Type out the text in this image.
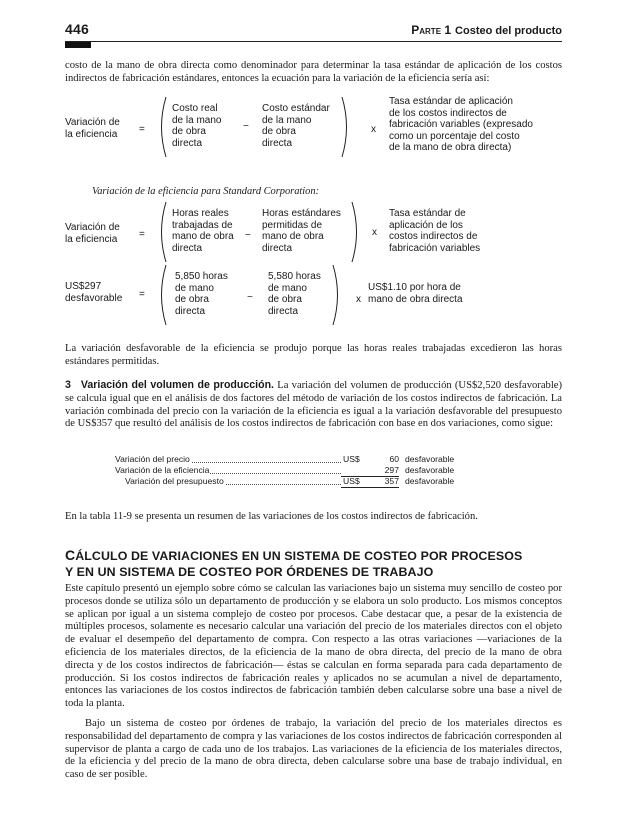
446	Parte 1 Costeo del producto

costo de la mano de obra directa como denominador para determinar la tasa estándar de aplicación de los costos indirectos de fabricación estándares, entonces la ecuación para la variación de la eficiencia sería así:

Variación de
la eficiencia =
Costo real
de la mano
de obra
directa
−
Costo estándar
de la mano
de obra
directa
x
Tasa estándar de aplicación
de los costos indirectos de
fabricación variables (expresado
como un porcentaje del costo
de la mano de obra directa)
Variación de la eficiencia para Standard Corporation:
Variación de
la eficiencia =
Horas reales
trabajadas de
mano de obra
directa
−
Horas estándares
permitidas de
mano de obra
directa
x
Tasa estándar de
aplicación de los
costos indirectos de
fabricación variables
US$297
desfavorable =
5,850 horas
de mano
de obra
directa
−
5,580 horas
de mano
de obra
directa
x
US$1.10 por hora de
mano de obra directa

La variación desfavorable de la eficiencia se produjo porque las horas reales trabajadas excedieron las horas estándares permitidas.

3 Variación del volumen de producción. La variación del volumen de producción (US$2,520 desfavorable) se calcula igual que en el análisis de dos factores del método de variación de los costos indirectos de fabricación. La variación combinada del precio con la variación de la eficiencia es igual a la variación desfavorable del presupuesto de US$357 que resultó del análisis de los costos indirectos de fabricación con base en dos variaciones, como sigue:

Variación del precio	US$	60 desfavorable
Variación de la eficiencia	297 desfavorable
Variación del presupuesto	US$	357 desfavorable

En la tabla 11-9 se presenta un resumen de las variaciones de los costos indirectos de fabricación.

CÁLCULO DE VARIACIONES EN UN SISTEMA DE COSTEO POR PROCESOS
Y EN UN SISTEMA DE COSTEO POR ÓRDENES DE TRABAJO

Este capítulo presentó un ejemplo sobre cómo se calculan las variaciones bajo un sistema muy sencillo de costeo por procesos donde se utiliza sólo un departamento de producción y se elabora un solo producto. Los mismos conceptos se aplican por igual a un sistema complejo de costeo por procesos. Cabe destacar que, a pesar de la existencia de múltiples procesos, solamente es necesario calcular una variación del precio de los materiales directos con el objeto de evaluar el desempeño del departamento de compra. Con respecto a las otras variaciones —variaciones de la eficiencia de los materiales directos, de la eficiencia de la mano de obra directa, del precio de la mano de obra directa y de los costos indirectos de fabricación— éstas se calculan en forma separada para cada departamento de producción. Si los costos indirectos de fabricación reales y aplicados no se acumulan a nivel de departamento, entonces las variaciones de los costos indirectos de fabricación también deben calcularse sobre una base a nivel de toda la planta.

Bajo un sistema de costeo por órdenes de trabajo, la variación del precio de los materiales directos es responsabilidad del departamento de compra y las variaciones de los costos indirectos de fabricación corresponden al supervisor de planta a cargo de cada uno de los trabajos. Las variaciones de la eficiencia de los materiales directos, de la eficiencia y del precio de la mano de obra directa, deben calcularse sobre una base de trabajo individual, en caso de ser posible.
